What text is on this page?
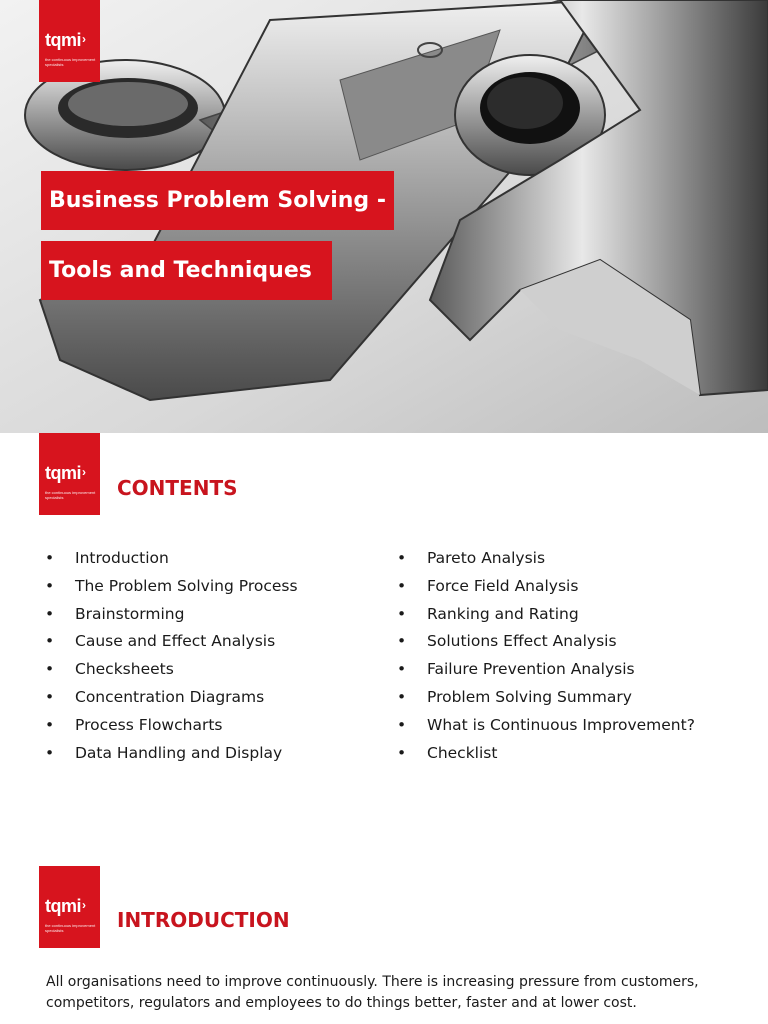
tqmi›
the continuous improvement specialists
Business Problem Solving -
Tools and Techniques
tqmi›
the continuous improvement specialists	CONTENTS
• Introduction
• The Problem Solving Process
• Brainstorming
• Cause and Effect Analysis
• Checksheets
• Concentration Diagrams
• Process Flowcharts
• Data Handling and Display
• Pareto Analysis
• Force Field Analysis
• Ranking and Rating
• Solutions Effect Analysis
• Failure Prevention Analysis
• Problem Solving Summary
• What is Continuous Improvement?
• Checklist
tqmi›
the continuous improvement specialists	INTRODUCTION
All organisations need to improve continuously. There is increasing pressure from customers, competitors, regulators and employees to do things better, faster and at lower cost.
